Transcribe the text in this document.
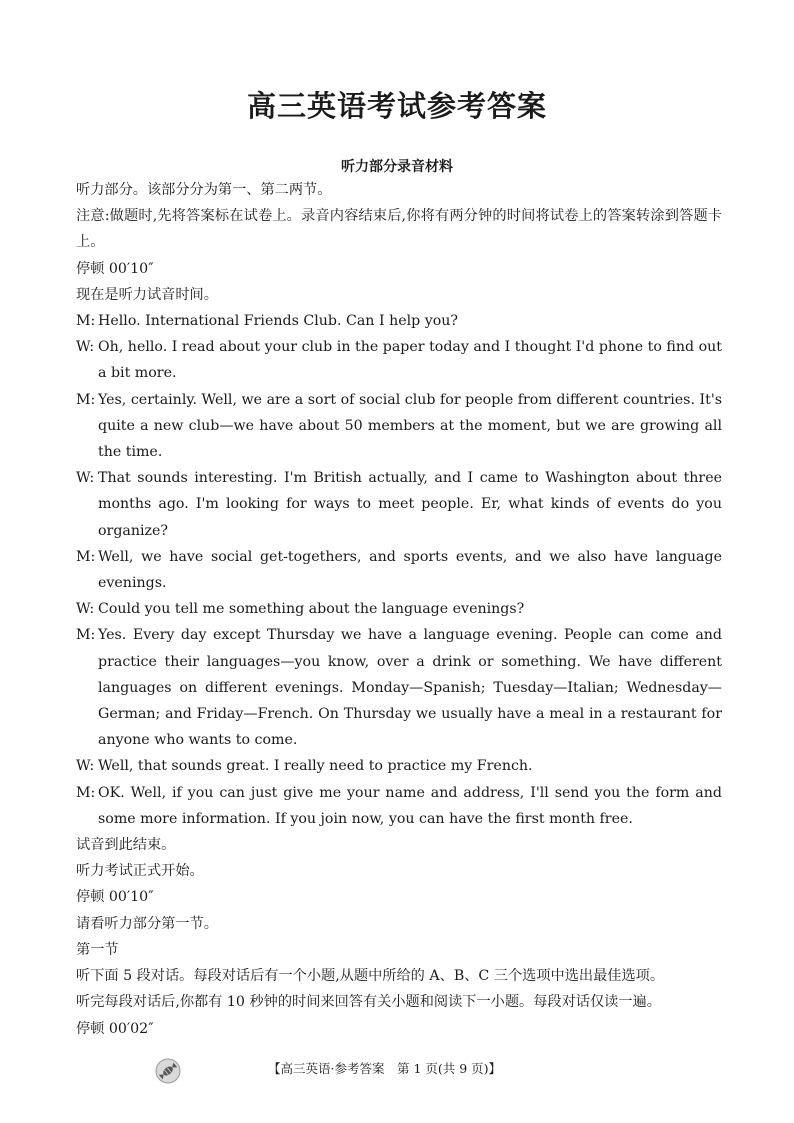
高三英语考试参考答案
听力部分录音材料

听力部分。该部分分为第一、第二两节。

注意:做题时,先将答案标在试卷上。录音内容结束后,你将有两分钟的时间将试卷上的答案转涂到答题卡上。

停顿 00′10″

现在是听力试音时间。

M: Hello. International Friends Club. Can I help you?

W: Oh, hello. I read about your club in the paper today and I thought I'd phone to find out a bit more.

M: Yes, certainly. Well, we are a sort of social club for people from different countries. It's quite a new club—we have about 50 members at the moment, but we are growing all the time.

W: That sounds interesting. I'm British actually, and I came to Washington about three months ago. I'm looking for ways to meet people. Er, what kinds of events do you organize?

M: Well, we have social get-togethers, and sports events, and we also have language evenings.

W: Could you tell me something about the language evenings?

M: Yes. Every day except Thursday we have a language evening. People can come and practice their languages—you know, over a drink or something. We have different languages on different evenings. Monday—Spanish; Tuesday—Italian; Wednesday—German; and Friday—French. On Thursday we usually have a meal in a restaurant for anyone who wants to come.

W: Well, that sounds great. I really need to practice my French.

M: OK. Well, if you can just give me your name and address, I'll send you the form and some more information. If you join now, you can have the first month free.

试音到此结束。

听力考试正式开始。

停顿 00′10″

请看听力部分第一节。

第一节

听下面 5 段对话。每段对话后有一个小题,从题中所给的 A、B、C 三个选项中选出最佳选项。

听完每段对话后,你都有 10 秒钟的时间来回答有关小题和阅读下一小题。每段对话仅读一遍。

停顿 00′02″

【高三英语·参考答案　第 1 页(共 9 页)】
